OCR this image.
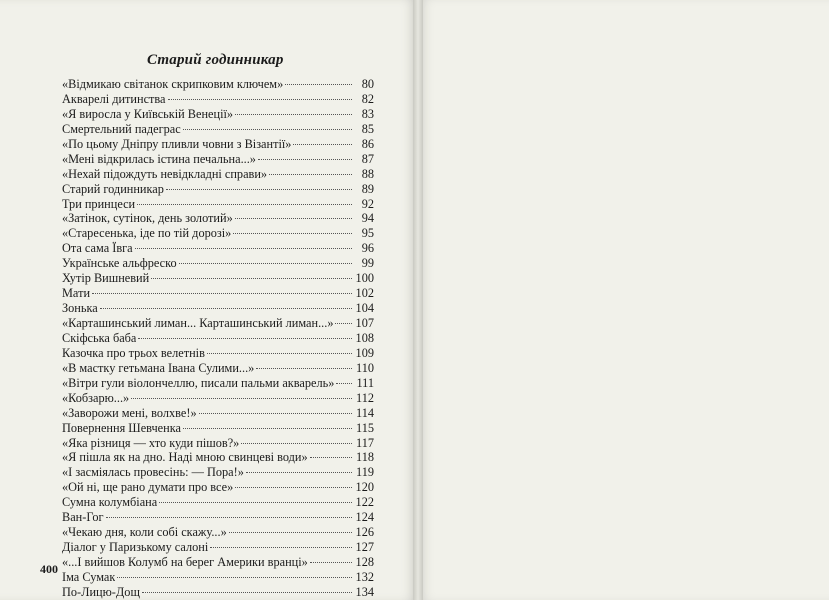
Старий годинникар
«Відмикаю світанок скрипковим ключем»	80
Акварелі дитинства	82
«Я виросла у Київській Венеції»	83
Смертельний падеграс	85
«По цьому Дніпру пливли човни з Візантії»	86
«Мені відкрилась істина печальна...»	87
«Нехай підождуть невідкладні справи»	88
Старий годинникар	89
Три принцеси	92
«Затінок, сутінок, день золотий»	94
«Старесенька, іде по тій дорозі»	95
Ота сама Ївга	96
Українське альфреско	99
Хутір Вишневий	100
Мати	102
Зонька	104
«Карташинський лиман... Карташинський лиман...» 107
Скіфська баба	108
Казочка про трьох велетнів	109
«В мастку гетьмана Івана Сулими...»	110
«Вітри гули віолончеллю, писали пальми акварель» 111
«Кобзарю...»	112
«Заворожи мені, волхве!»	114
Повернення Шевченка	115
«Яка різниця — хто куди пішов?»	117
«Я пішла як на дно. Наді мною свинцеві води»	118
«І засміялась провесінь: — Пора!»	119
«Ой ні, ще рано думати про все»	120
Сумна колумбіана	122
Ван-Гог	124
«Чекаю дня, коли собі скажу...»	126
Діалог у Паризькому салоні	127
«...І вийшов Колумб на берег Америки вранці»	128
Іма Сумак	132
По-Лицю-Дощ	134
400
